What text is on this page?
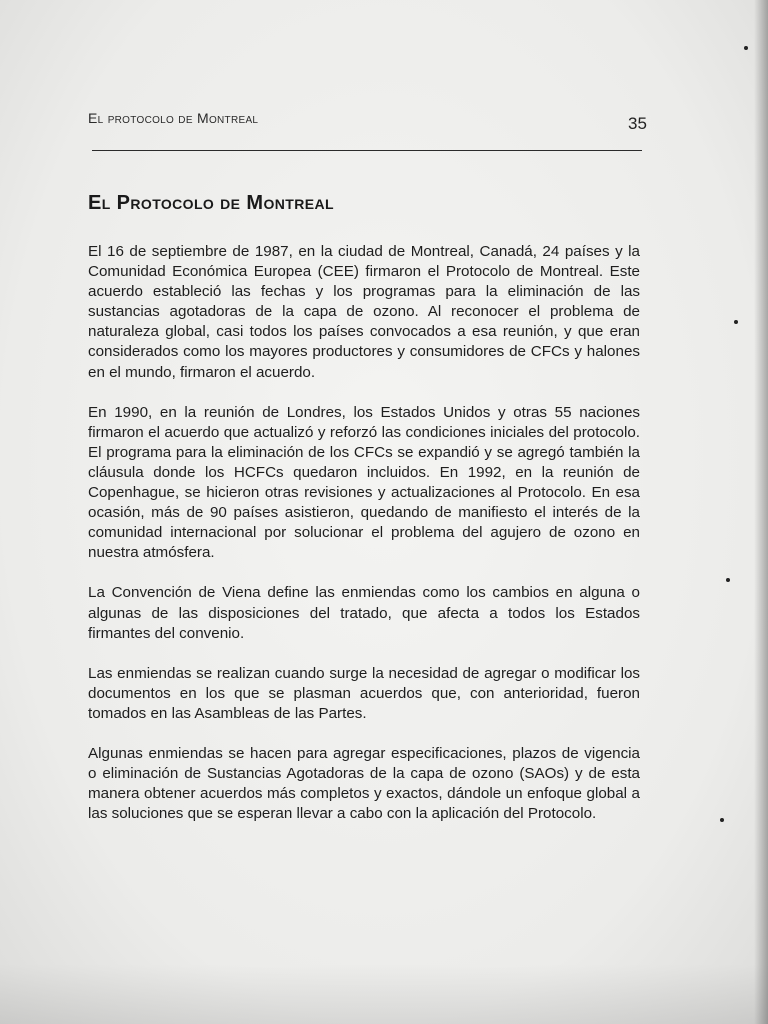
El protocolo de Montreal	35
El Protocolo de Montreal

El 16 de septiembre de 1987, en la ciudad de Montreal, Canadá, 24 países y la Comunidad Económica Europea (CEE) firmaron el Protocolo de Montreal. Este acuerdo estableció las fechas y los programas para la eliminación de las sustancias agotadoras de la capa de ozono. Al reconocer el problema de naturaleza global, casi todos los países convocados a esa reunión, y que eran considerados como los mayores productores y consumidores de CFCs y halones en el mundo, firmaron el acuerdo.

En 1990, en la reunión de Londres, los Estados Unidos y otras 55 naciones firmaron el acuerdo que actualizó y reforzó las condiciones iniciales del protocolo. El programa para la eliminación de los CFCs se expandió y se agregó también la cláusula donde los HCFCs quedaron incluidos. En 1992, en la reunión de Copenhague, se hicieron otras revisiones y actualizaciones al Protocolo. En esa ocasión, más de 90 países asistieron, quedando de manifiesto el interés de la comunidad internacional por solucionar el problema del agujero de ozono en nuestra atmósfera.

La Convención de Viena define las enmiendas como los cambios en alguna o algunas de las disposiciones del tratado, que afecta a todos los Estados firmantes del convenio.

Las enmiendas se realizan cuando surge la necesidad de agregar o modificar los documentos en los que se plasman acuerdos que, con anterioridad, fueron tomados en las Asambleas de las Partes.

Algunas enmiendas se hacen para agregar especificaciones, plazos de vigencia o eliminación de Sustancias Agotadoras de la capa de ozono (SAOs) y de esta manera obtener acuerdos más completos y exactos, dándole un enfoque global a las soluciones que se esperan llevar a cabo con la aplicación del Protocolo.
